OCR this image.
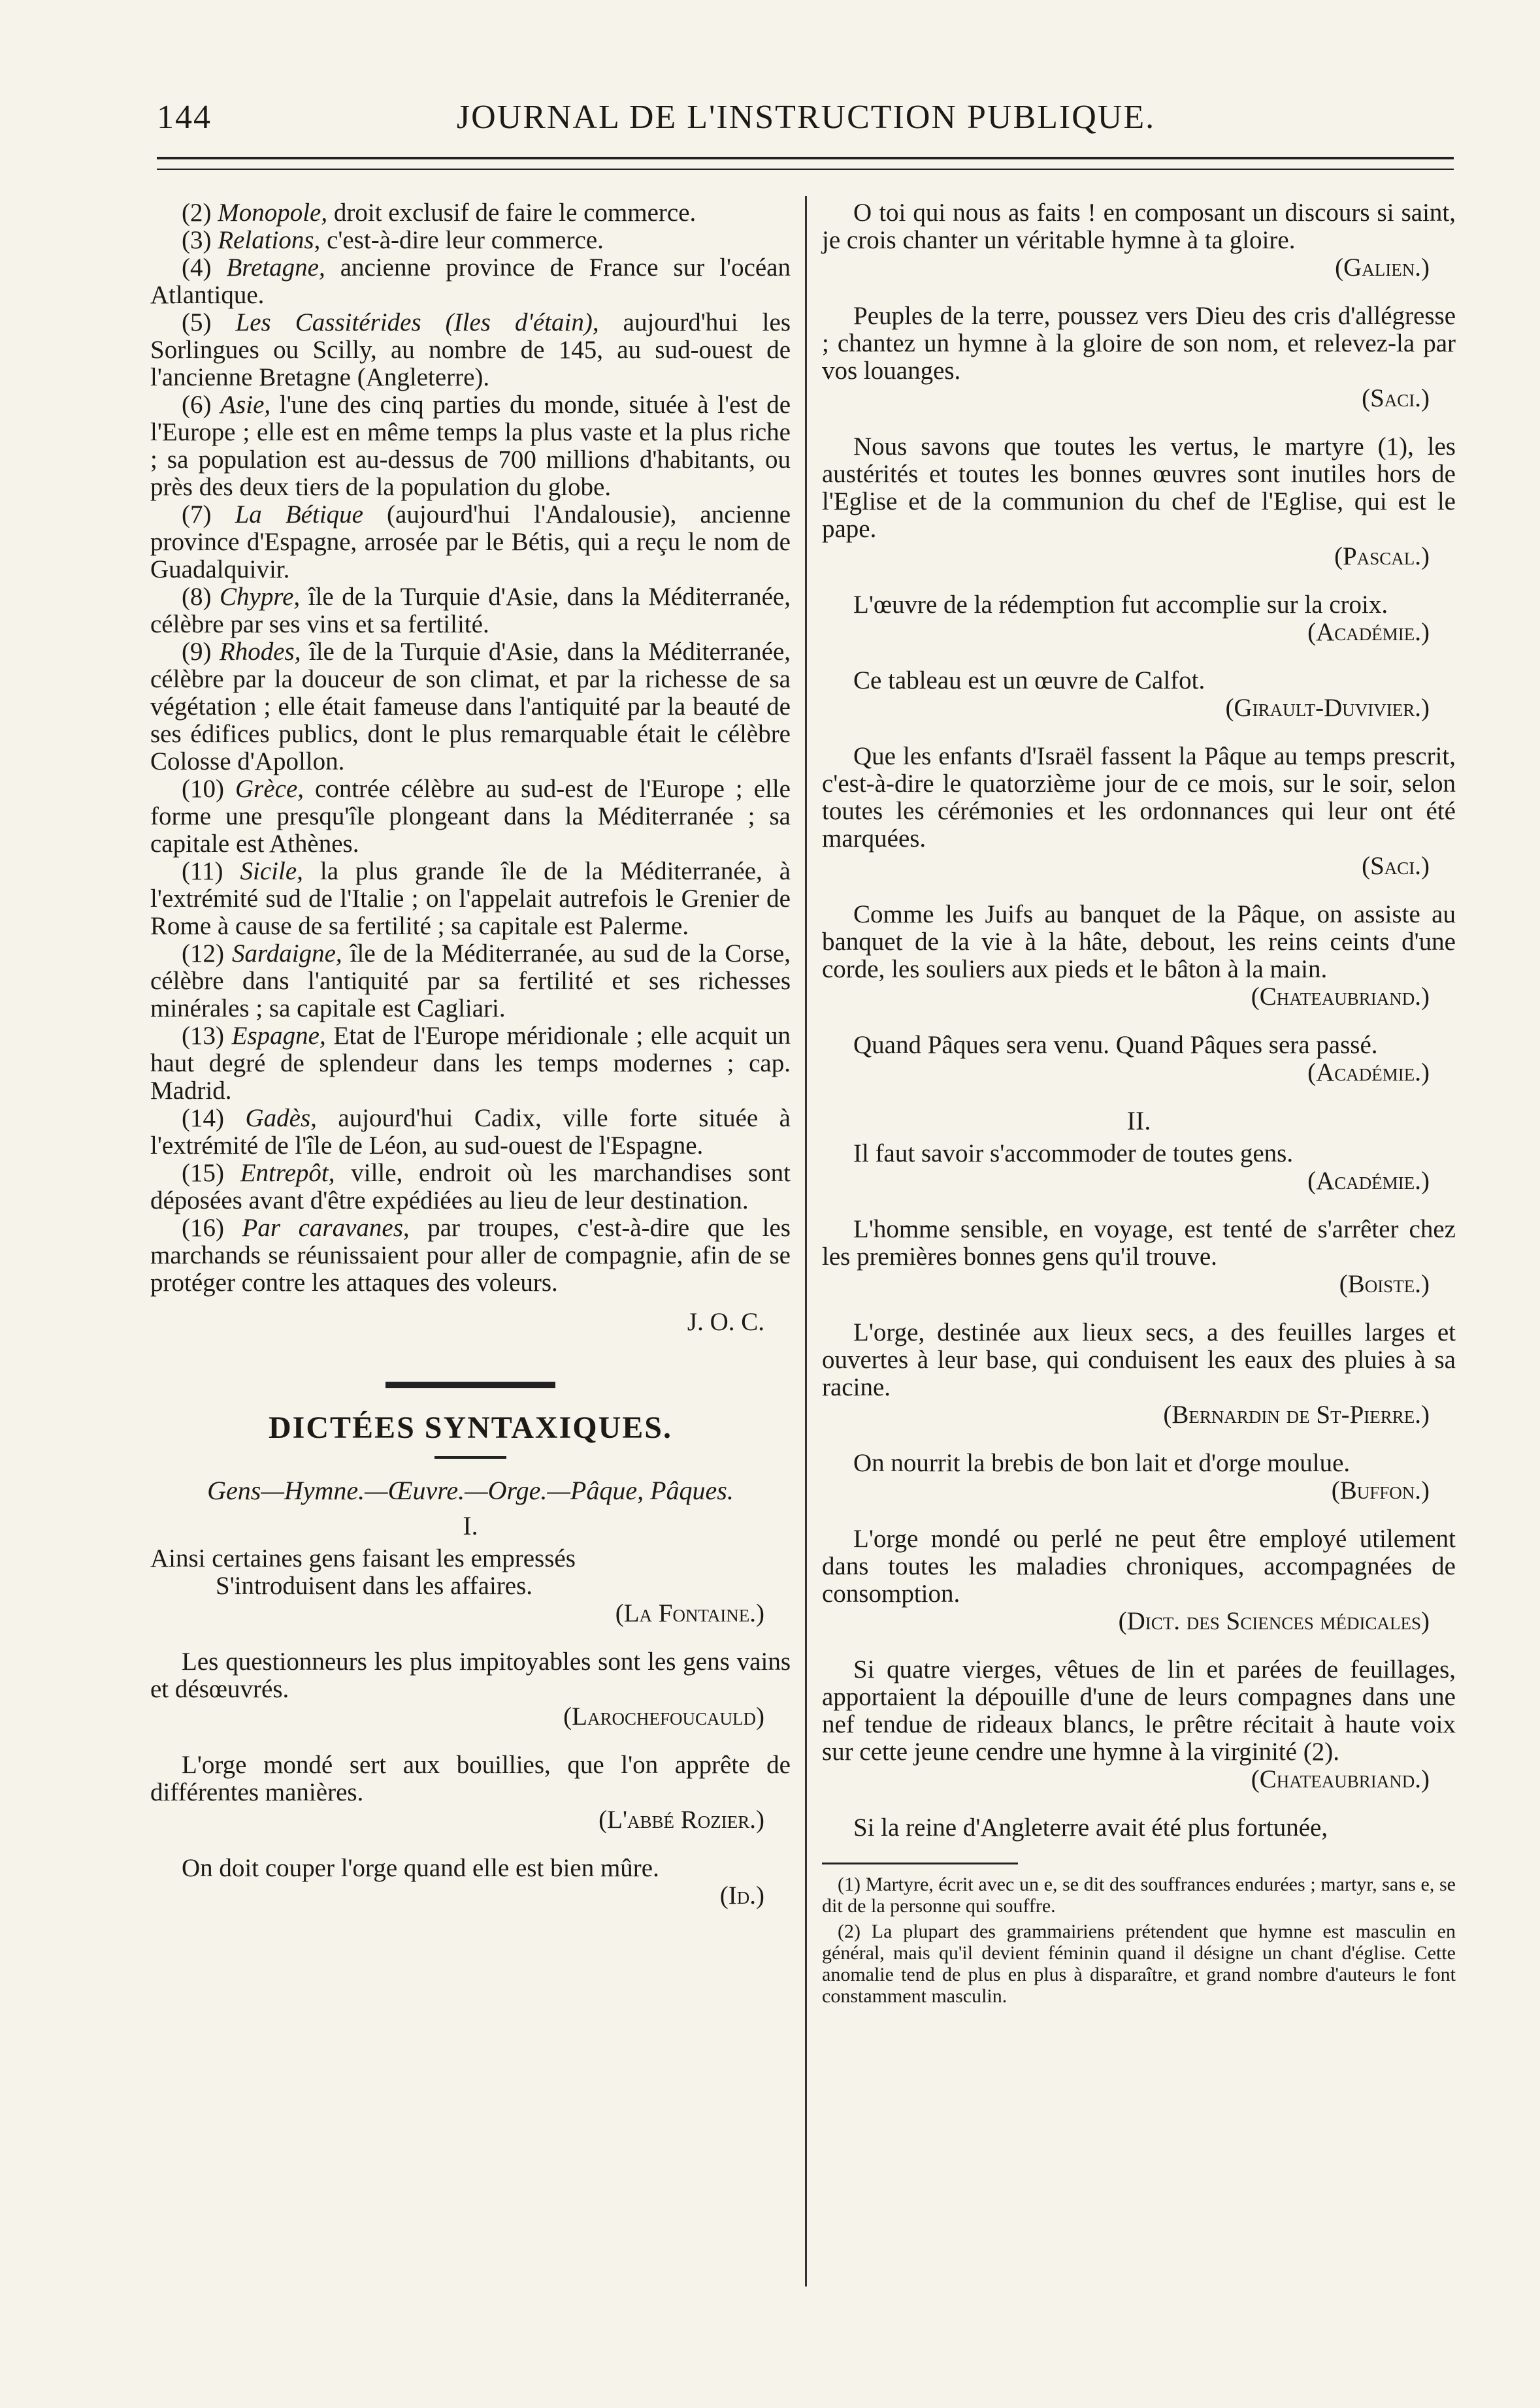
144	JOURNAL DE L'INSTRUCTION PUBLIQUE.

(2) Monopole, droit exclusif de faire le commerce.

(3) Relations, c'est-à-dire leur commerce.

(4) Bretagne, ancienne province de France sur l'océan Atlantique.

(5) Les Cassitérides (Iles d'étain), aujourd'hui les Sorlingues ou Scilly, au nombre de 145, au sud-ouest de l'ancienne Bretagne (Angleterre).

(6) Asie, l'une des cinq parties du monde, située à l'est de l'Europe ; elle est en même temps la plus vaste et la plus riche ; sa population est au-dessus de 700 millions d'habitants, ou près des deux tiers de la population du globe.

(7) La Bétique (aujourd'hui l'Andalousie), ancienne province d'Espagne, arrosée par le Bétis, qui a reçu le nom de Guadalquivir.

(8) Chypre, île de la Turquie d'Asie, dans la Méditerranée, célèbre par ses vins et sa fertilité.

(9) Rhodes, île de la Turquie d'Asie, dans la Méditerranée, célèbre par la douceur de son climat, et par la richesse de sa végétation ; elle était fameuse dans l'antiquité par la beauté de ses édifices publics, dont le plus remarquable était le célèbre Colosse d'Apollon.

(10) Grèce, contrée célèbre au sud-est de l'Europe ; elle forme une presqu'île plongeant dans la Méditerranée ; sa capitale est Athènes.

(11) Sicile, la plus grande île de la Méditerranée, à l'extrémité sud de l'Italie ; on l'appelait autrefois le Grenier de Rome à cause de sa fertilité ; sa capitale est Palerme.

(12) Sardaigne, île de la Méditerranée, au sud de la Corse, célèbre dans l'antiquité par sa fertilité et ses richesses minérales ; sa capitale est Cagliari.

(13) Espagne, Etat de l'Europe méridionale ; elle acquit un haut degré de splendeur dans les temps modernes ; cap. Madrid.

(14) Gadès, aujourd'hui Cadix, ville forte située à l'extrémité de l'île de Léon, au sud-ouest de l'Espagne.

(15) Entrepôt, ville, endroit où les marchandises sont déposées avant d'être expédiées au lieu de leur destination.

(16) Par caravanes, par troupes, c'est-à-dire que les marchands se réunissaient pour aller de compagnie, afin de se protéger contre les attaques des voleurs.

J. O. C.

DICTÉES SYNTAXIQUES.

Gens—Hymne.—Œuvre.—Orge.—Pâque, Pâques.

I.

Ainsi certaines gens faisant les empressés
S'introduisent dans les affaires.
(La Fontaine.)
Les questionneurs les plus impitoyables sont les gens vains et désœuvrés.
(Larochefoucauld)
L'orge mondé sert aux bouillies, que l'on apprête de différentes manières.
(L'abbé Rozier.)
On doit couper l'orge quand elle est bien mûre.
(Id.)
O toi qui nous as faits ! en composant un discours si saint, je crois chanter un véritable hymne à ta gloire.
(Galien.)
Peuples de la terre, poussez vers Dieu des cris d'allégresse ; chantez un hymne à la gloire de son nom, et relevez-la par vos louanges.
(Saci.)
Nous savons que toutes les vertus, le martyre (1), les austérités et toutes les bonnes œuvres sont inutiles hors de l'Eglise et de la communion du chef de l'Eglise, qui est le pape.
(Pascal.)
L'œuvre de la rédemption fut accomplie sur la croix.
(Académie.)
Ce tableau est un œuvre de Calfot.
(Girault-Duvivier.)
Que les enfants d'Israël fassent la Pâque au temps prescrit, c'est-à-dire le quatorzième jour de ce mois, sur le soir, selon toutes les cérémonies et les ordonnances qui leur ont été marquées.
(Saci.)
Comme les Juifs au banquet de la Pâque, on assiste au banquet de la vie à la hâte, debout, les reins ceints d'une corde, les souliers aux pieds et le bâton à la main.
(Chateaubriand.)
Quand Pâques sera venu. Quand Pâques sera passé.
(Académie.)

II.

Il faut savoir s'accommoder de toutes gens.
(Académie.)
L'homme sensible, en voyage, est tenté de s'arrêter chez les premières bonnes gens qu'il trouve.
(Boiste.)
L'orge, destinée aux lieux secs, a des feuilles larges et ouvertes à leur base, qui conduisent les eaux des pluies à sa racine.
(Bernardin de St-Pierre.)
On nourrit la brebis de bon lait et d'orge moulue.
(Buffon.)
L'orge mondé ou perlé ne peut être employé utilement dans toutes les maladies chroniques, accompagnées de consomption.
(Dict. des Sciences médicales)
Si quatre vierges, vêtues de lin et parées de feuillages, apportaient la dépouille d'une de leurs compagnes dans une nef tendue de rideaux blancs, le prêtre récitait à haute voix sur cette jeune cendre une hymne à la virginité (2).
(Chateaubriand.)
Si la reine d'Angleterre avait été plus fortunée,

(1) Martyre, écrit avec un e, se dit des souffrances endurées ; martyr, sans e, se dit de la personne qui souffre.

(2) La plupart des grammairiens prétendent que hymne est masculin en général, mais qu'il devient féminin quand il désigne un chant d'église. Cette anomalie tend de plus en plus à disparaître, et grand nombre d'auteurs le font constamment masculin.
